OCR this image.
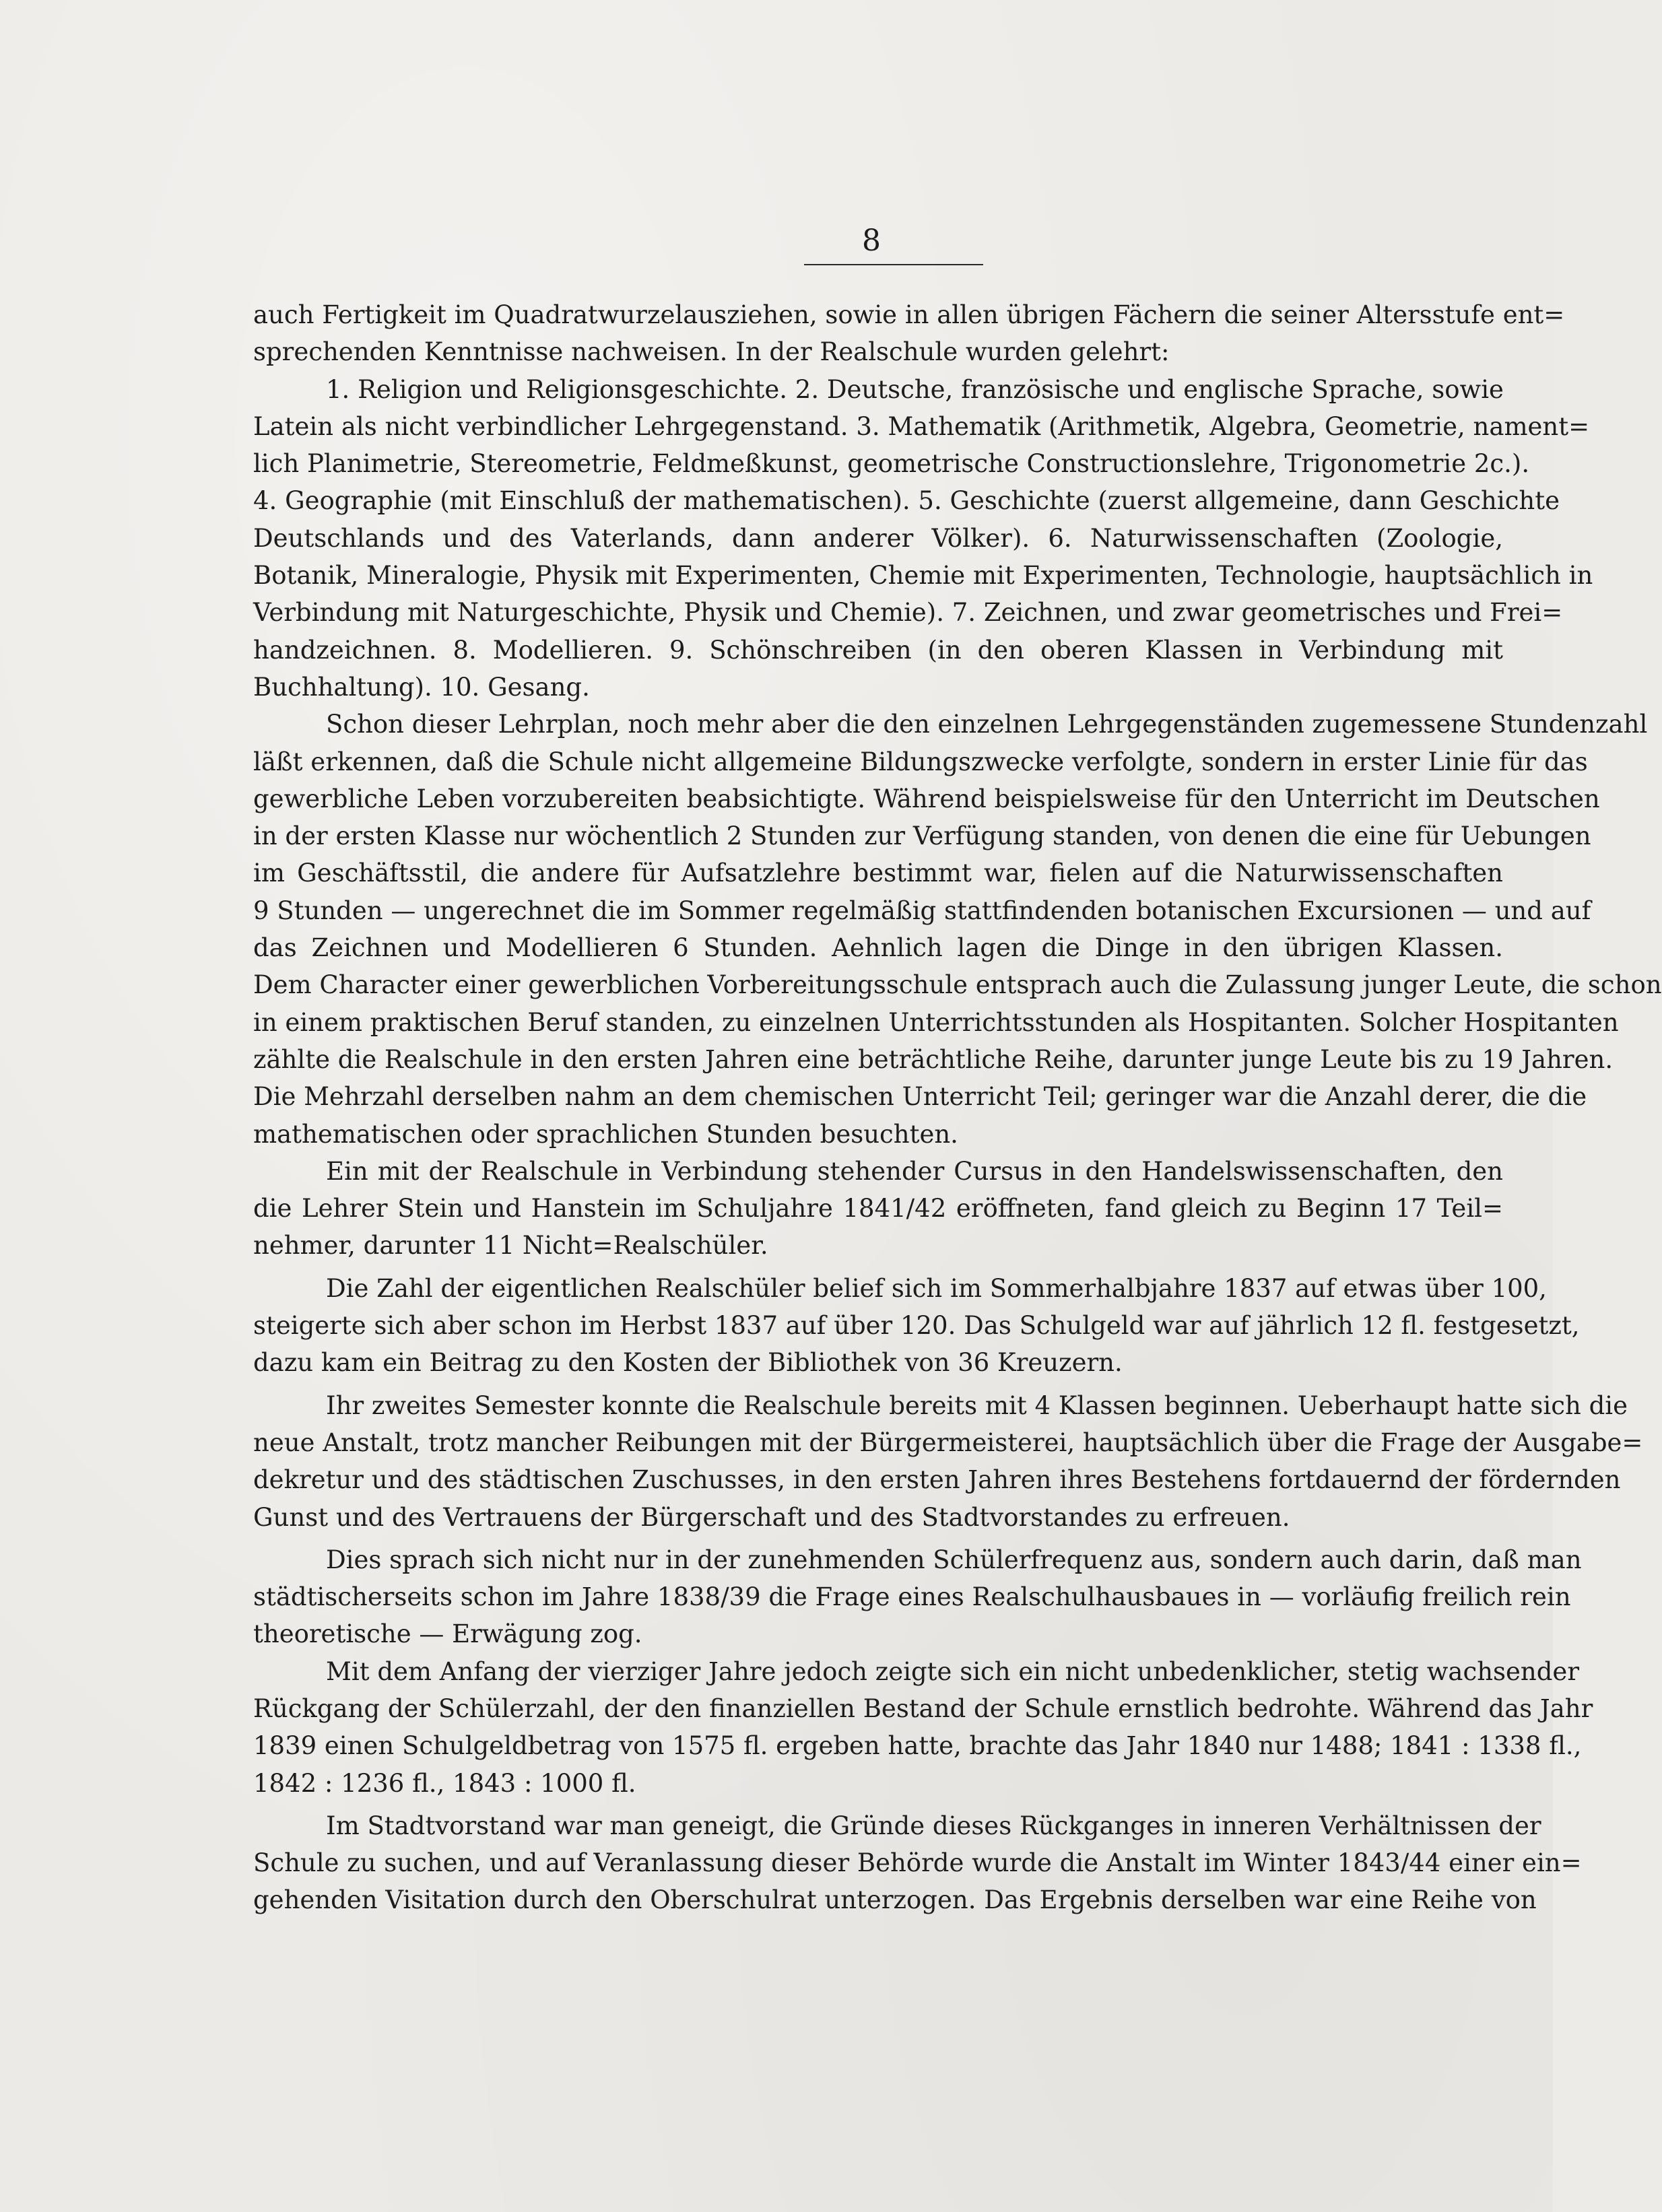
8
auch Fertigkeit im Quadratwurzelausziehen, sowie in allen übrigen Fächern die seiner Altersstufe ent=
sprechenden Kenntnisse nachweisen. In der Realschule wurden gelehrt:
1. Religion und Religionsgeschichte. 2. Deutsche, französische und englische Sprache, sowie
Latein als nicht verbindlicher Lehrgegenstand. 3. Mathematik (Arithmetik, Algebra, Geometrie, nament=
lich Planimetrie, Stereometrie, Feldmeßkunst, geometrische Constructionslehre, Trigonometrie 2c.).
4. Geographie (mit Einschluß der mathematischen). 5. Geschichte (zuerst allgemeine, dann Geschichte
Deutschlands und des Vaterlands, dann anderer Völker). 6. Naturwissenschaften (Zoologie,
Botanik, Mineralogie, Physik mit Experimenten, Chemie mit Experimenten, Technologie, hauptsächlich in
Verbindung mit Naturgeschichte, Physik und Chemie). 7. Zeichnen, und zwar geometrisches und Frei=
handzeichnen. 8. Modellieren. 9. Schönschreiben (in den oberen Klassen in Verbindung mit
Buchhaltung). 10. Gesang.
Schon dieser Lehrplan, noch mehr aber die den einzelnen Lehrgegenständen zugemessene Stundenzahl
läßt erkennen, daß die Schule nicht allgemeine Bildungszwecke verfolgte, sondern in erster Linie für das
gewerbliche Leben vorzubereiten beabsichtigte. Während beispielsweise für den Unterricht im Deutschen
in der ersten Klasse nur wöchentlich 2 Stunden zur Verfügung standen, von denen die eine für Uebungen
im Geschäftsstil, die andere für Aufsatzlehre bestimmt war, fielen auf die Naturwissenschaften
9 Stunden — ungerechnet die im Sommer regelmäßig stattfindenden botanischen Excursionen — und auf
das Zeichnen und Modellieren 6 Stunden. Aehnlich lagen die Dinge in den übrigen Klassen.
Dem Character einer gewerblichen Vorbereitungsschule entsprach auch die Zulassung junger Leute, die schon
in einem praktischen Beruf standen, zu einzelnen Unterrichtsstunden als Hospitanten. Solcher Hospitanten
zählte die Realschule in den ersten Jahren eine beträchtliche Reihe, darunter junge Leute bis zu 19 Jahren.
Die Mehrzahl derselben nahm an dem chemischen Unterricht Teil; geringer war die Anzahl derer, die die
mathematischen oder sprachlichen Stunden besuchten.
Ein mit der Realschule in Verbindung stehender Cursus in den Handelswissenschaften, den
die Lehrer Stein und Hanstein im Schuljahre 1841/42 eröffneten, fand gleich zu Beginn 17 Teil=
nehmer, darunter 11 Nicht=Realschüler.
Die Zahl der eigentlichen Realschüler belief sich im Sommerhalbjahre 1837 auf etwas über 100,
steigerte sich aber schon im Herbst 1837 auf über 120. Das Schulgeld war auf jährlich 12 fl. festgesetzt,
dazu kam ein Beitrag zu den Kosten der Bibliothek von 36 Kreuzern.
Ihr zweites Semester konnte die Realschule bereits mit 4 Klassen beginnen. Ueberhaupt hatte sich die
neue Anstalt, trotz mancher Reibungen mit der Bürgermeisterei, hauptsächlich über die Frage der Ausgabe=
dekretur und des städtischen Zuschusses, in den ersten Jahren ihres Bestehens fortdauernd der fördernden
Gunst und des Vertrauens der Bürgerschaft und des Stadtvorstandes zu erfreuen.
Dies sprach sich nicht nur in der zunehmenden Schülerfrequenz aus, sondern auch darin, daß man
städtischerseits schon im Jahre 1838/39 die Frage eines Realschulhausbaues in — vorläufig freilich rein
theoretische — Erwägung zog.
Mit dem Anfang der vierziger Jahre jedoch zeigte sich ein nicht unbedenklicher, stetig wachsender
Rückgang der Schülerzahl, der den finanziellen Bestand der Schule ernstlich bedrohte. Während das Jahr
1839 einen Schulgeldbetrag von 1575 fl. ergeben hatte, brachte das Jahr 1840 nur 1488; 1841 : 1338 fl.,
1842 : 1236 fl., 1843 : 1000 fl.
Im Stadtvorstand war man geneigt, die Gründe dieses Rückganges in inneren Verhältnissen der
Schule zu suchen, und auf Veranlassung dieser Behörde wurde die Anstalt im Winter 1843/44 einer ein=
gehenden Visitation durch den Oberschulrat unterzogen. Das Ergebnis derselben war eine Reihe von
